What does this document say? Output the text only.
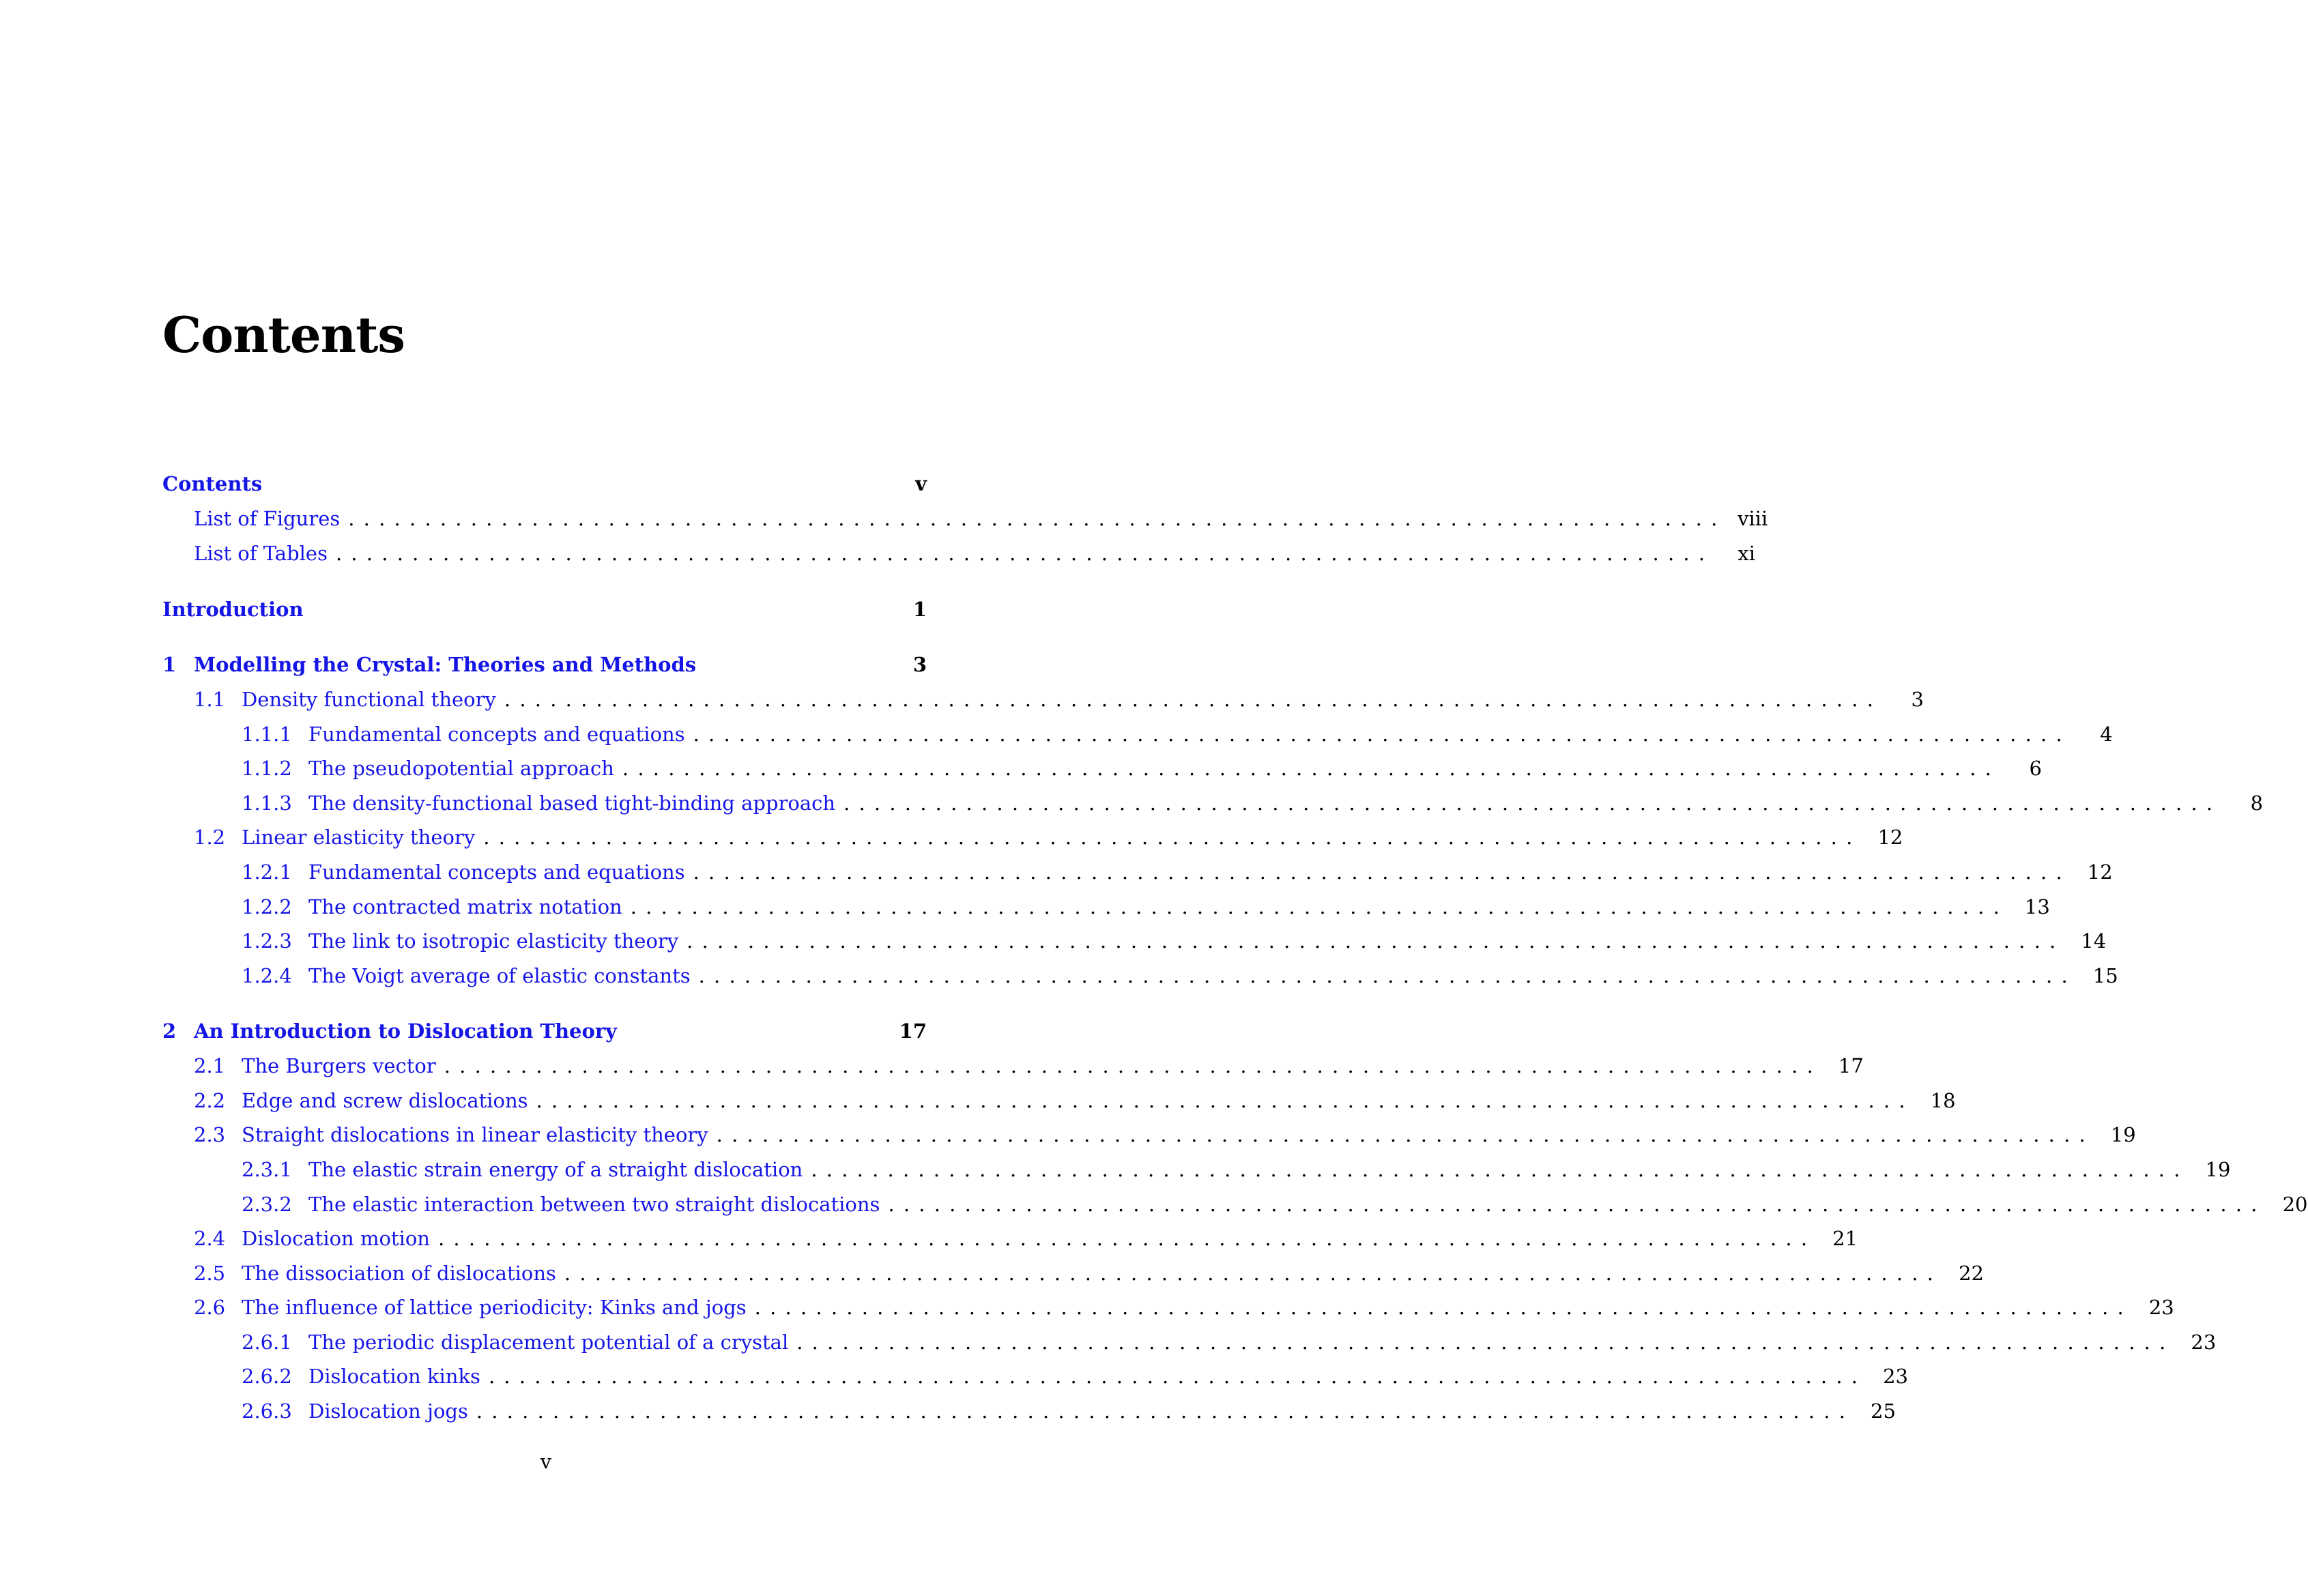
Contents
Contents	v
List of Figures . . . . . . . . . . . . . . . . . . . . . . . . . . . . . . . . . . . . . . . . . . . . . . . . . . . . . . . . . . . . . . . . . . . . . . . . . . . . . . . . . . . . . . . . . . viii
List of Tables . . . . . . . . . . . . . . . . . . . . . . . . . . . . . . . . . . . . . . . . . . . . . . . . . . . . . . . . . . . . . . . . . . . . . . . . . . . . . . . . . . . . . . . . . .	xi
Introduction	1
1 Modelling the Crystal: Theories and Methods	3
1.1 Density functional theory . . . . . . . . . . . . . . . . . . . . . . . . . . . . . . . . . . . . . . . . . . . . . . . . . . . . . . . . . . . . . . . . . . . . . . . . . . . . . . . . . . . . . . . . . .	3
1.1.1 Fundamental concepts and equations . . . . . . . . . . . . . . . . . . . . . . . . . . . . . . . . . . . . . . . . . . . . . . . . . . . . . . . . . . . . . . . . . . . . . . . . . . . . . . . . . . . . . . . . . .	4
1.1.2 The pseudopotential approach . . . . . . . . . . . . . . . . . . . . . . . . . . . . . . . . . . . . . . . . . . . . . . . . . . . . . . . . . . . . . . . . . . . . . . . . . . . . . . . . . . . . . . . . . .	6
1.1.3 The density-functional based tight-binding approach . . . . . . . . . . . . . . . . . . . . . . . . . . . . . . . . . . . . . . . . . . . . . . . . . . . . . . . . . . . . . . . . . . . . . . . . . . . . . . . . . . . . . . . . . .	8
1.2 Linear elasticity theory . . . . . . . . . . . . . . . . . . . . . . . . . . . . . . . . . . . . . . . . . . . . . . . . . . . . . . . . . . . . . . . . . . . . . . . . . . . . . . . . . . . . . . . . . .	12
1.2.1 Fundamental concepts and equations . . . . . . . . . . . . . . . . . . . . . . . . . . . . . . . . . . . . . . . . . . . . . . . . . . . . . . . . . . . . . . . . . . . . . . . . . . . . . . . . . . . . . . . . . .	12
1.2.2 The contracted matrix notation . . . . . . . . . . . . . . . . . . . . . . . . . . . . . . . . . . . . . . . . . . . . . . . . . . . . . . . . . . . . . . . . . . . . . . . . . . . . . . . . . . . . . . . . . .	13
1.2.3 The link to isotropic elasticity theory . . . . . . . . . . . . . . . . . . . . . . . . . . . . . . . . . . . . . . . . . . . . . . . . . . . . . . . . . . . . . . . . . . . . . . . . . . . . . . . . . . . . . . . . . .	14
1.2.4 The Voigt average of elastic constants . . . . . . . . . . . . . . . . . . . . . . . . . . . . . . . . . . . . . . . . . . . . . . . . . . . . . . . . . . . . . . . . . . . . . . . . . . . . . . . . . . . . . . . . . .	15
2 An Introduction to Dislocation Theory	17
2.1 The Burgers vector . . . . . . . . . . . . . . . . . . . . . . . . . . . . . . . . . . . . . . . . . . . . . . . . . . . . . . . . . . . . . . . . . . . . . . . . . . . . . . . . . . . . . . . . . .	17
2.2 Edge and screw dislocations . . . . . . . . . . . . . . . . . . . . . . . . . . . . . . . . . . . . . . . . . . . . . . . . . . . . . . . . . . . . . . . . . . . . . . . . . . . . . . . . . . . . . . . . . .	18
2.3 Straight dislocations in linear elasticity theory . . . . . . . . . . . . . . . . . . . . . . . . . . . . . . . . . . . . . . . . . . . . . . . . . . . . . . . . . . . . . . . . . . . . . . . . . . . . . . . . . . . . . . . . . .	19
2.3.1 The elastic strain energy of a straight dislocation . . . . . . . . . . . . . . . . . . . . . . . . . . . . . . . . . . . . . . . . . . . . . . . . . . . . . . . . . . . . . . . . . . . . . . . . . . . . . . . . . . . . . . . . . .	19
2.3.2 The elastic interaction between two straight dislocations . . . . . . . . . . . . . . . . . . . . . . . . . . . . . . . . . . . . . . . . . . . . . . . . . . . . . . . . . . . . . . . . . . . . . . . . . . . . . . . . . . . . . . . . . .	20
2.4 Dislocation motion . . . . . . . . . . . . . . . . . . . . . . . . . . . . . . . . . . . . . . . . . . . . . . . . . . . . . . . . . . . . . . . . . . . . . . . . . . . . . . . . . . . . . . . . . .	21
2.5 The dissociation of dislocations . . . . . . . . . . . . . . . . . . . . . . . . . . . . . . . . . . . . . . . . . . . . . . . . . . . . . . . . . . . . . . . . . . . . . . . . . . . . . . . . . . . . . . . . . .	22
2.6 The influence of lattice periodicity: Kinks and jogs . . . . . . . . . . . . . . . . . . . . . . . . . . . . . . . . . . . . . . . . . . . . . . . . . . . . . . . . . . . . . . . . . . . . . . . . . . . . . . . . . . . . . . . . . .	23
2.6.1 The periodic displacement potential of a crystal . . . . . . . . . . . . . . . . . . . . . . . . . . . . . . . . . . . . . . . . . . . . . . . . . . . . . . . . . . . . . . . . . . . . . . . . . . . . . . . . . . . . . . . . . .	23
2.6.2 Dislocation kinks . . . . . . . . . . . . . . . . . . . . . . . . . . . . . . . . . . . . . . . . . . . . . . . . . . . . . . . . . . . . . . . . . . . . . . . . . . . . . . . . . . . . . . . . . .	23
2.6.3 Dislocation jogs . . . . . . . . . . . . . . . . . . . . . . . . . . . . . . . . . . . . . . . . . . . . . . . . . . . . . . . . . . . . . . . . . . . . . . . . . . . . . . . . . . . . . . . . . .	25
v
